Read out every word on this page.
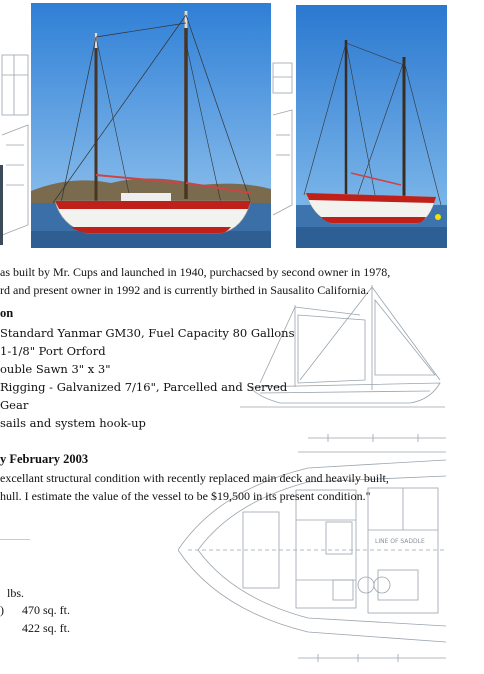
LINE OF SADDLE
as built by Mr. Cups and launched in 1940, purchacsed by second owner in 1978,
rd and present owner in 1992 and is currently birthed in Sausalito California.
on
Standard Yanmar GM30, Fuel Capacity 80 Gallons
1-1/8" Port Orford
ouble Sawn 3" x 3"
Rigging - Galvanized 7/16", Parcelled and Served
Gear
sails and system hook-up
y February 2003
excellant structural condition with recently replaced main deck and heavily built,
hull. I estimate the value of the vessel to be $19,500 in its present condition."
lbs.
) 470 sq. ft.
422 sq. ft.
